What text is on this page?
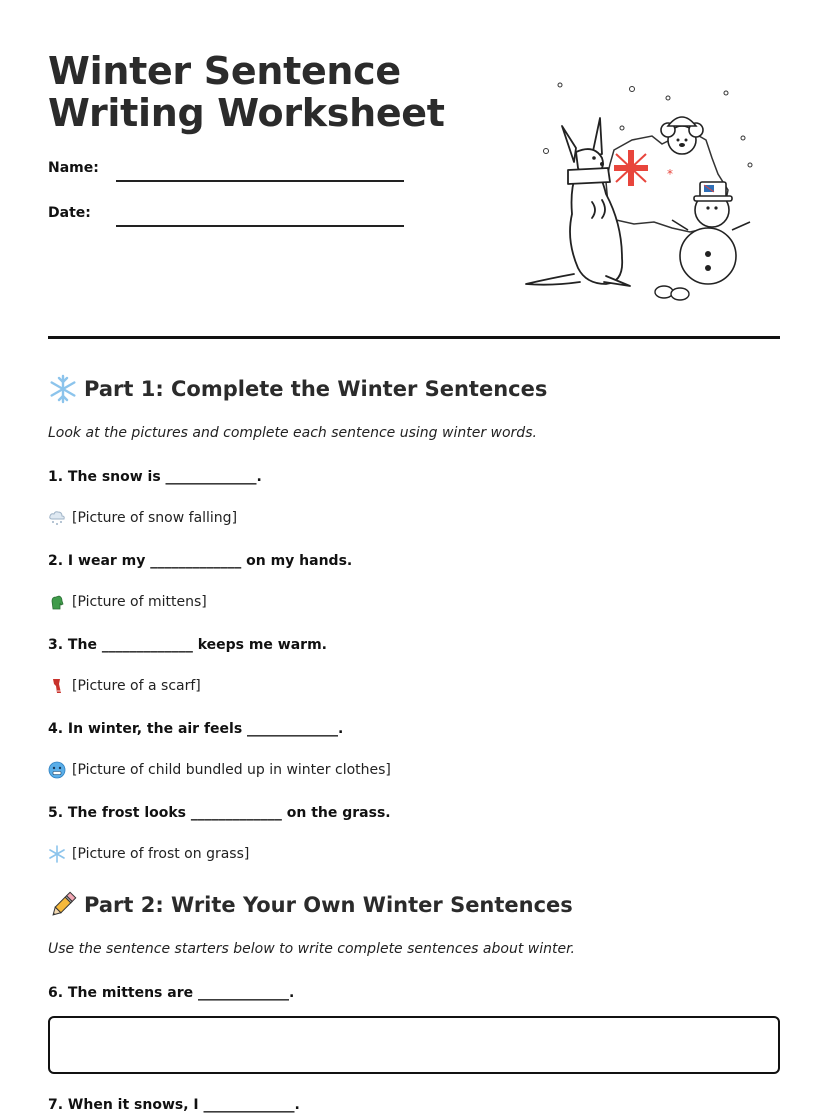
Winter Sentence
Writing Worksheet
Name:
Date:
*
Part 1: Complete the Winter Sentences
Look at the pictures and complete each sentence using winter words.
1. The snow is _____________.
[Picture of snow falling]
2. I wear my _____________ on my hands.
[Picture of mittens]
3. The _____________ keeps me warm.
[Picture of a scarf]
4. In winter, the air feels _____________.
[Picture of child bundled up in winter clothes]
5. The frost looks _____________ on the grass.
[Picture of frost on grass]
Part 2: Write Your Own Winter Sentences
Use the sentence starters below to write complete sentences about winter.
6. The mittens are _____________.
7. When it snows, I _____________.
